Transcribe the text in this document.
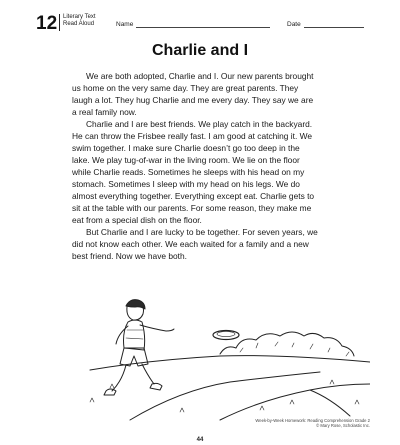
12 Literary Text
Read Aloud	Name	Date
Charlie and I

We are both adopted, Charlie and I. Our new parents brought
us home on the very same day. They are great parents. They
laugh a lot. They hug Charlie and me every day. They say we are
a real family now.

Charlie and I are best friends. We play catch in the backyard.
He can throw the Frisbee really fast. I am good at catching it. We
swim together. I make sure Charlie doesn’t go too deep in the
lake. We play tug-of-war in the living room. We lie on the floor
while Charlie reads. Sometimes he sleeps with his head on my
stomach. Sometimes I sleep with my head on his legs. We do
almost everything together. Everything except eat. Charlie gets to
sit at the table with our parents. For some reason, they make me
eat from a special dish on the floor.

But Charlie and I are lucky to be together. For seven years, we
did not know each other. We each waited for a family and a new
best friend. Now we have both.

Week-by-Week Homework: Reading Comprehension Grade 2
© Mary Rose, Scholastic Inc.
44
